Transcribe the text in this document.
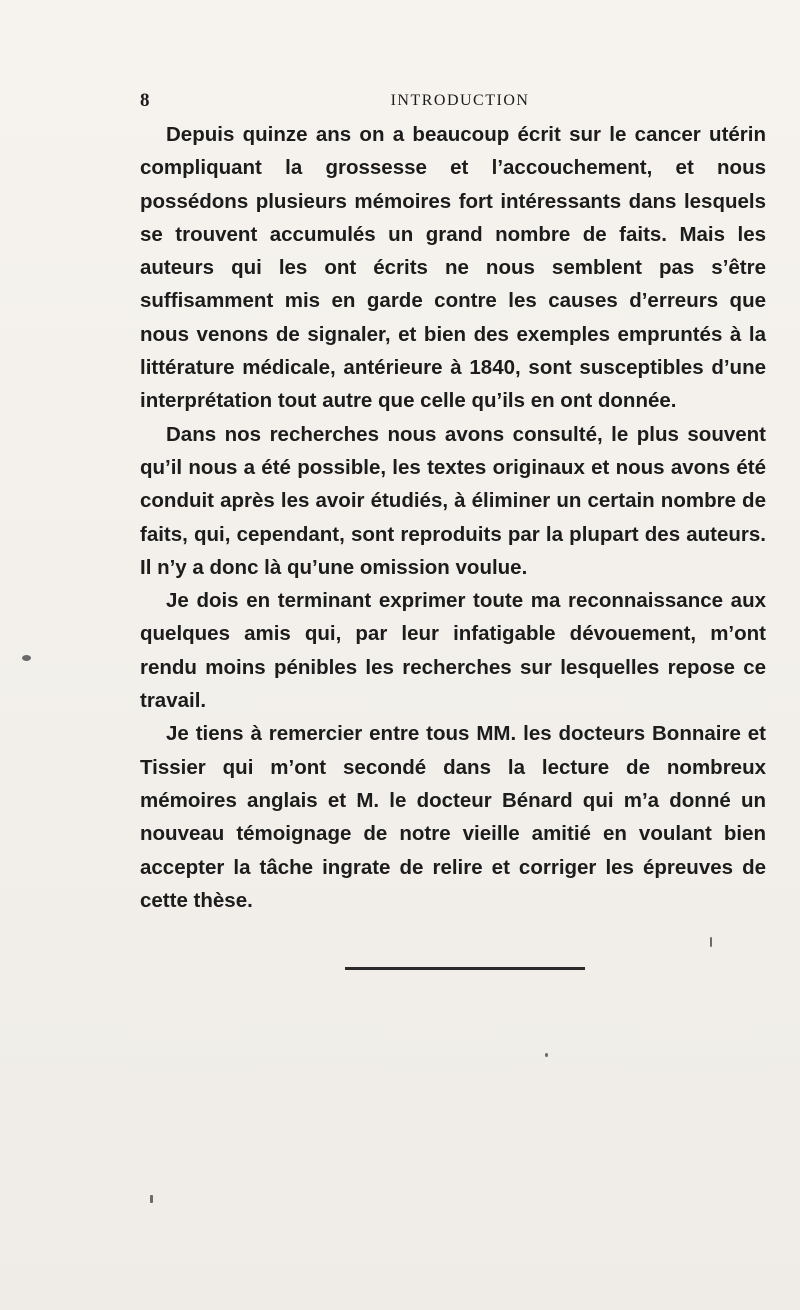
8	INTRODUCTION

Depuis quinze ans on a beaucoup écrit sur le cancer utérin compliquant la grossesse et l’accouchement, et nous possédons plusieurs mémoires fort intéressants dans lesquels se trouvent accumulés un grand nombre de faits. Mais les auteurs qui les ont écrits ne nous semblent pas s’être suffisamment mis en garde contre les causes d’erreurs que nous venons de signaler, et bien des exemples empruntés à la littérature médicale, antérieure à 1840, sont susceptibles d’une interprétation tout autre que celle qu’ils en ont donnée.

Dans nos recherches nous avons consulté, le plus souvent qu’il nous a été possible, les textes originaux et nous avons été conduit après les avoir étudiés, à éliminer un certain nombre de faits, qui, cependant, sont reproduits par la plupart des auteurs. Il n’y a donc là qu’une omission voulue.

Je dois en terminant exprimer toute ma reconnaissance aux quelques amis qui, par leur infatigable dévouement, m’ont rendu moins pénibles les recherches sur lesquelles repose ce travail.

Je tiens à remercier entre tous MM. les docteurs Bonnaire et Tissier qui m’ont secondé dans la lecture de nombreux mémoires anglais et M. le docteur Bénard qui m’a donné un nouveau témoignage de notre vieille amitié en voulant bien accepter la tâche ingrate de relire et corriger les épreuves de cette thèse.
